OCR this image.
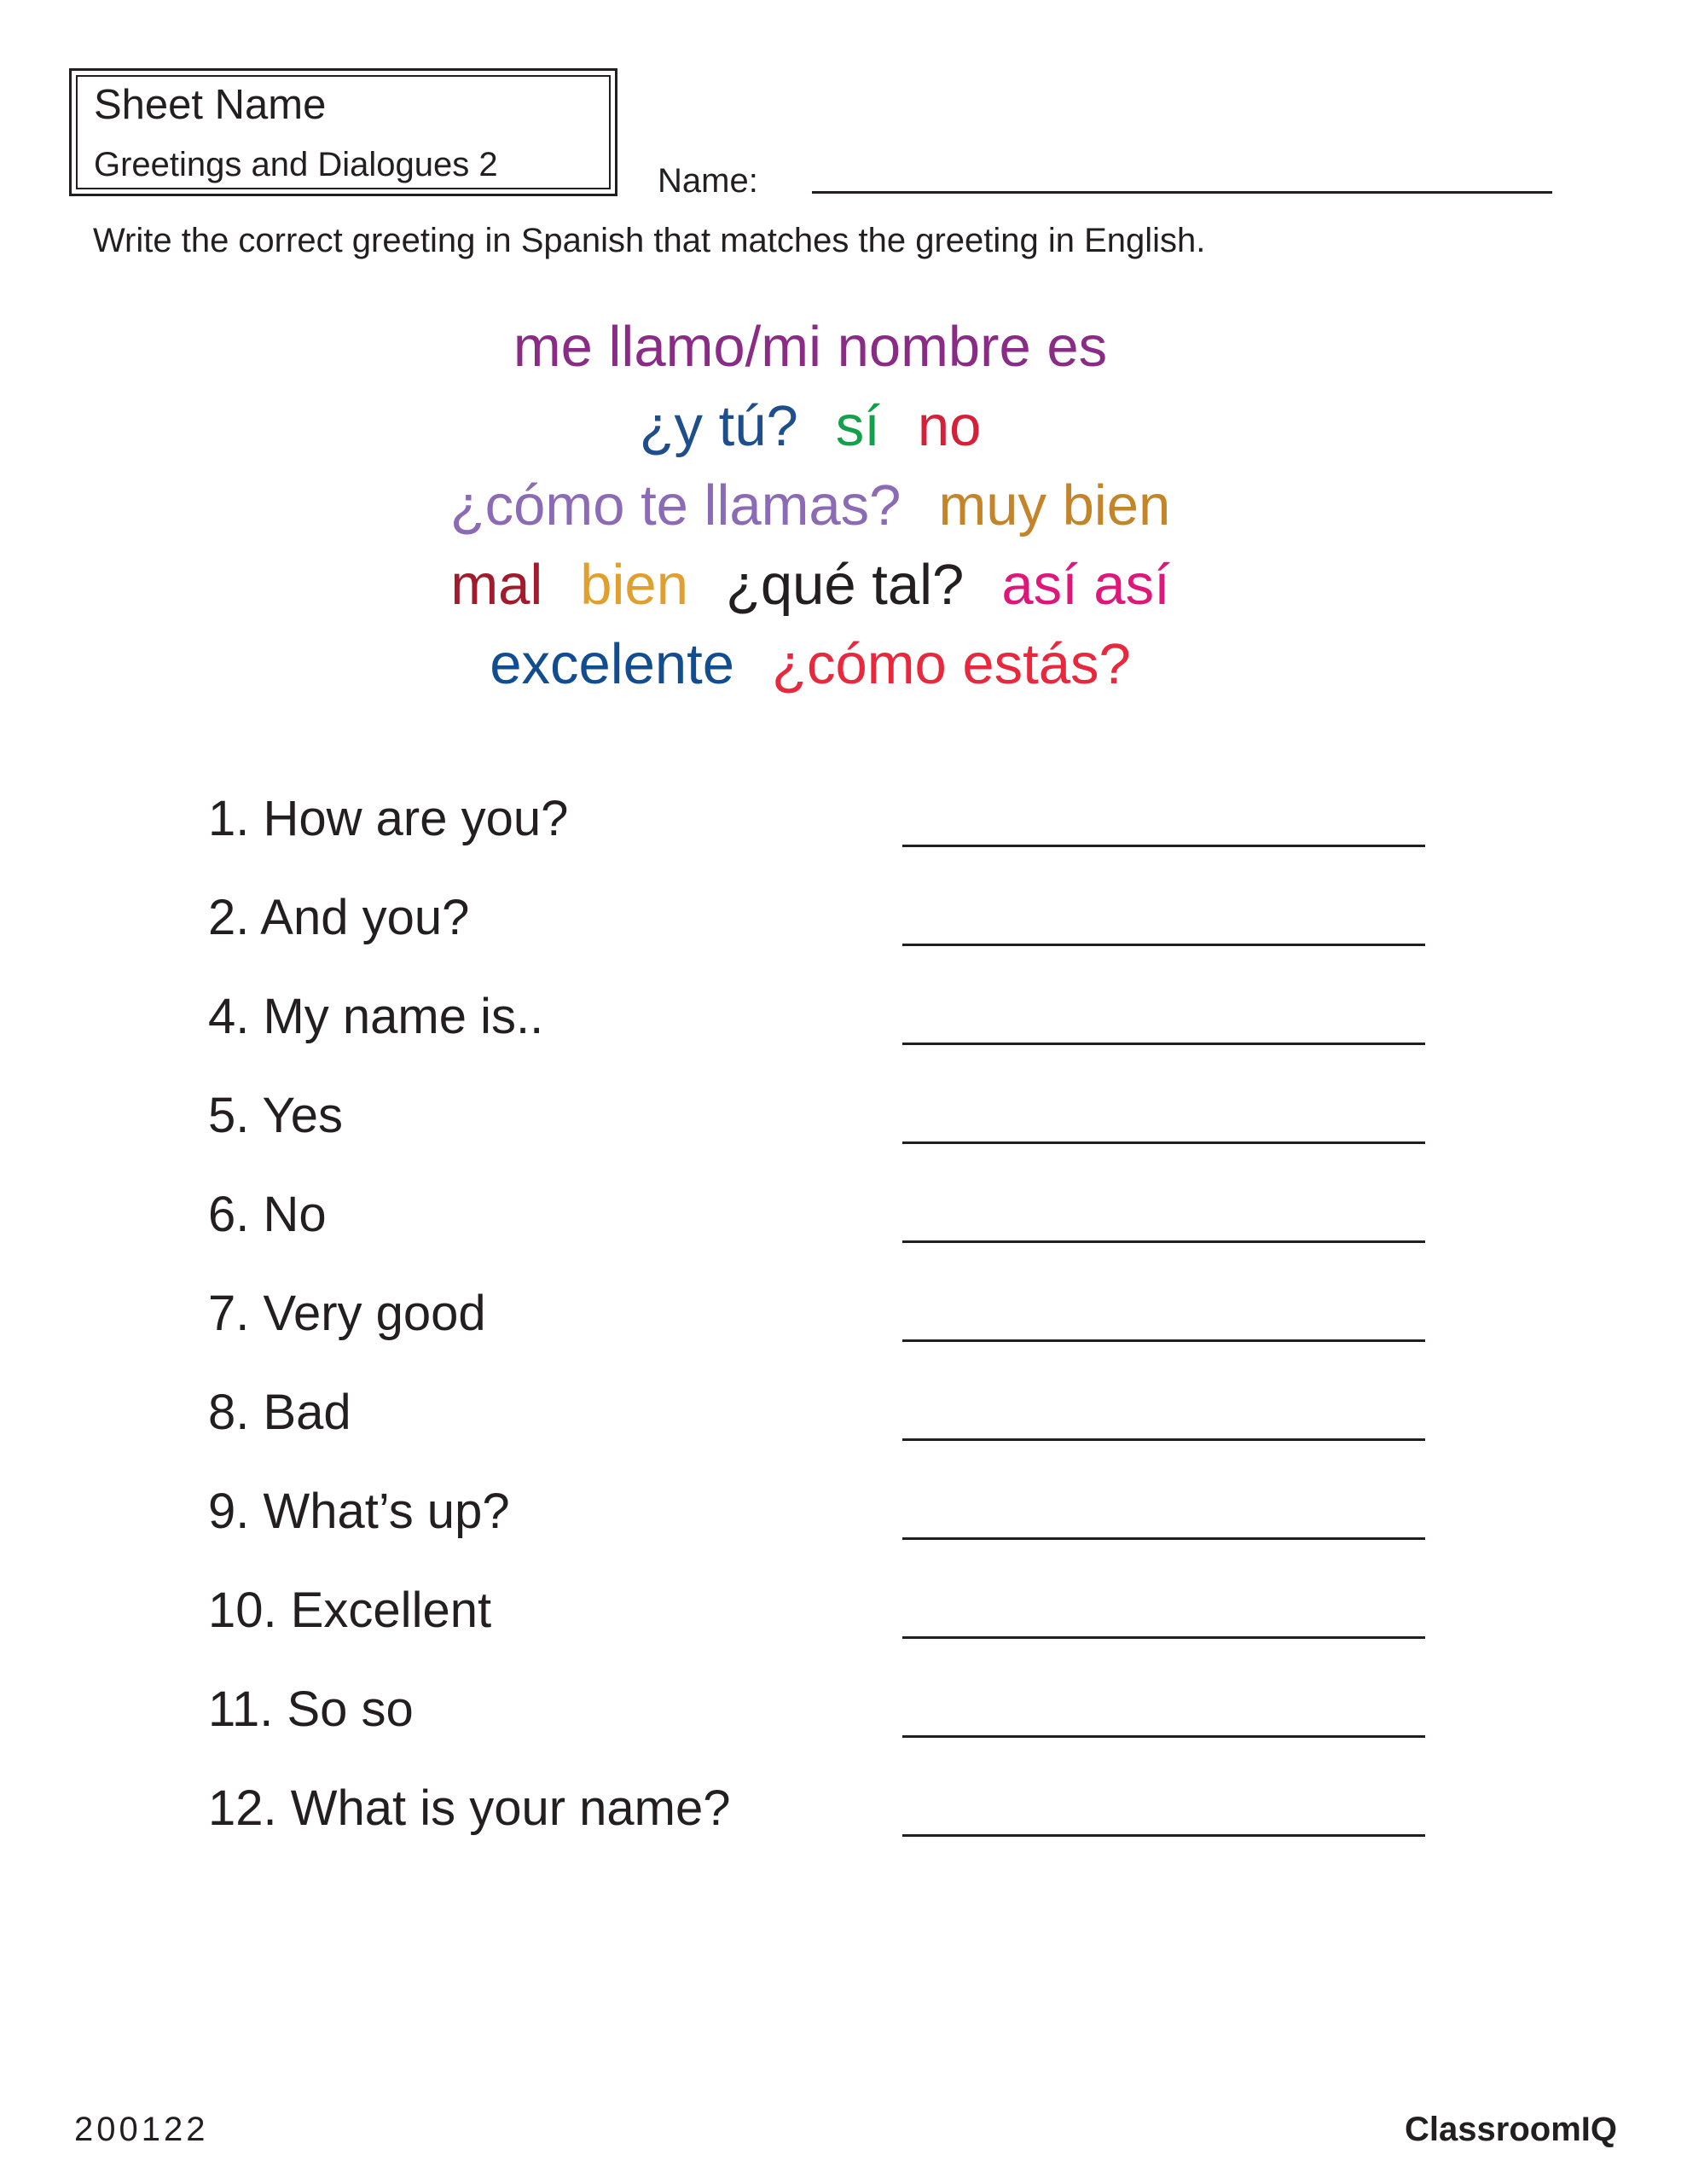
Sheet Name
Greetings and Dialogues 2	Name:
Write the correct greeting in Spanish that matches the greeting in English.
me llamo/mi nombre es
¿y tú? sí no
¿cómo te llamas? muy bien
mal bien ¿qué tal? así así
excelente ¿cómo estás?
1. How are you?
2. And you?
4. My name is..
5. Yes
6. No
7. Very good
8. Bad
9. What’s up?
10. Excellent
11. So so
12. What is your name?
200122	ClassroomIQ
